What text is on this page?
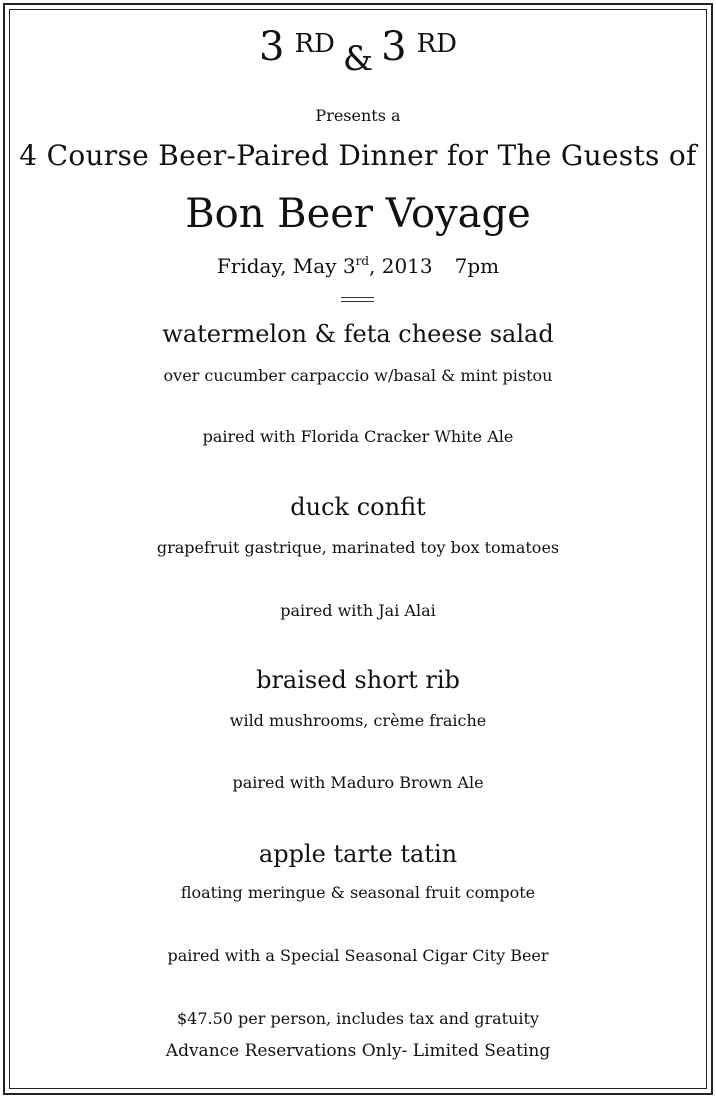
3 $^{RD}$ & 3 $^{RD}$
Presents a
4 Course Beer-Paired Dinner for The Guests of
Bon Beer Voyage
Friday, May 3rd, 2013 7pm
watermelon & feta cheese salad
over cucumber carpaccio w/basal & mint pistou
paired with Florida Cracker White Ale
duck confit
grapefruit gastrique, marinated toy box tomatoes
paired with Jai Alai
braised short rib
wild mushrooms, crème fraiche
paired with Maduro Brown Ale
apple tarte tatin
floating meringue & seasonal fruit compote
paired with a Special Seasonal Cigar City Beer
$47.50 per person, includes tax and gratuity
Advance Reservations Only- Limited Seating
